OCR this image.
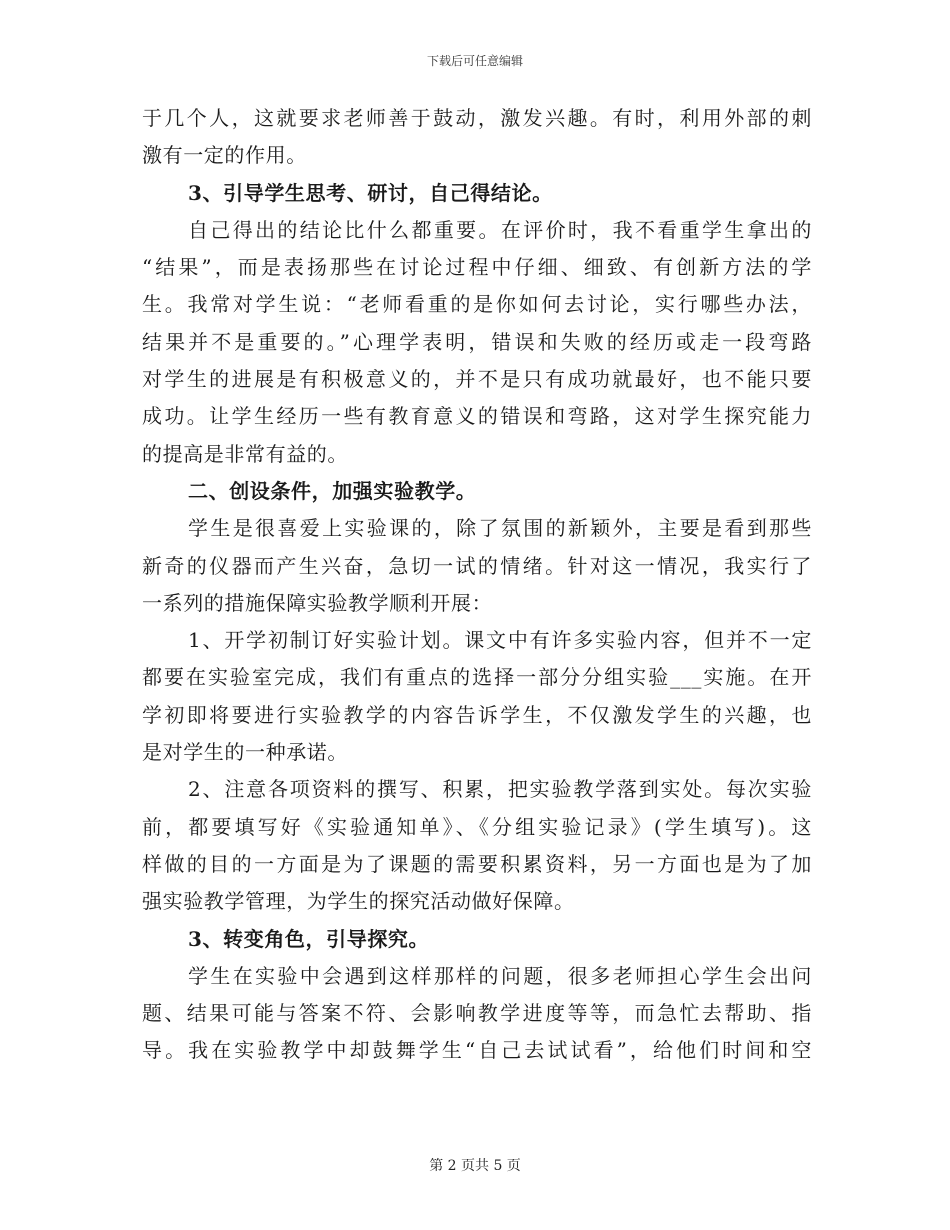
下载后可任意编辑
于几个人，这就要求老师善于鼓动，激发兴趣。有时，利用外部的刺
激有一定的作用。
3、引导学生思考、研讨，自己得结论。
自己得出的结论比什么都重要。在评价时，我不看重学生拿出的
“结果”，而是表扬那些在讨论过程中仔细、细致、有创新方法的学
生。我常对学生说：“老师看重的是你如何去讨论，实行哪些办法，
结果并不是重要的。”心理学表明，错误和失败的经历或走一段弯路
对学生的进展是有积极意义的，并不是只有成功就最好，也不能只要
成功。让学生经历一些有教育意义的错误和弯路，这对学生探究能力
的提高是非常有益的。
二、创设条件，加强实验教学。
学生是很喜爱上实验课的，除了氛围的新颖外，主要是看到那些
新奇的仪器而产生兴奋，急切一试的情绪。针对这一情况，我实行了
一系列的措施保障实验教学顺利开展：
1、开学初制订好实验计划。课文中有许多实验内容，但并不一定
都要在实验室完成，我们有重点的选择一部分分组实验___实施。在开
学初即将要进行实验教学的内容告诉学生，不仅激发学生的兴趣，也
是对学生的一种承诺。
2、注意各项资料的撰写、积累，把实验教学落到实处。每次实验
前，都要填写好《实验通知单》、《分组实验记录》(学生填写)。这
样做的目的一方面是为了课题的需要积累资料，另一方面也是为了加
强实验教学管理，为学生的探究活动做好保障。
3、转变角色，引导探究。
学生在实验中会遇到这样那样的问题，很多老师担心学生会出问
题、结果可能与答案不符、会影响教学进度等等，而急忙去帮助、指
导。我在实验教学中却鼓舞学生“自己去试试看”，给他们时间和空
第 2 页共 5 页
